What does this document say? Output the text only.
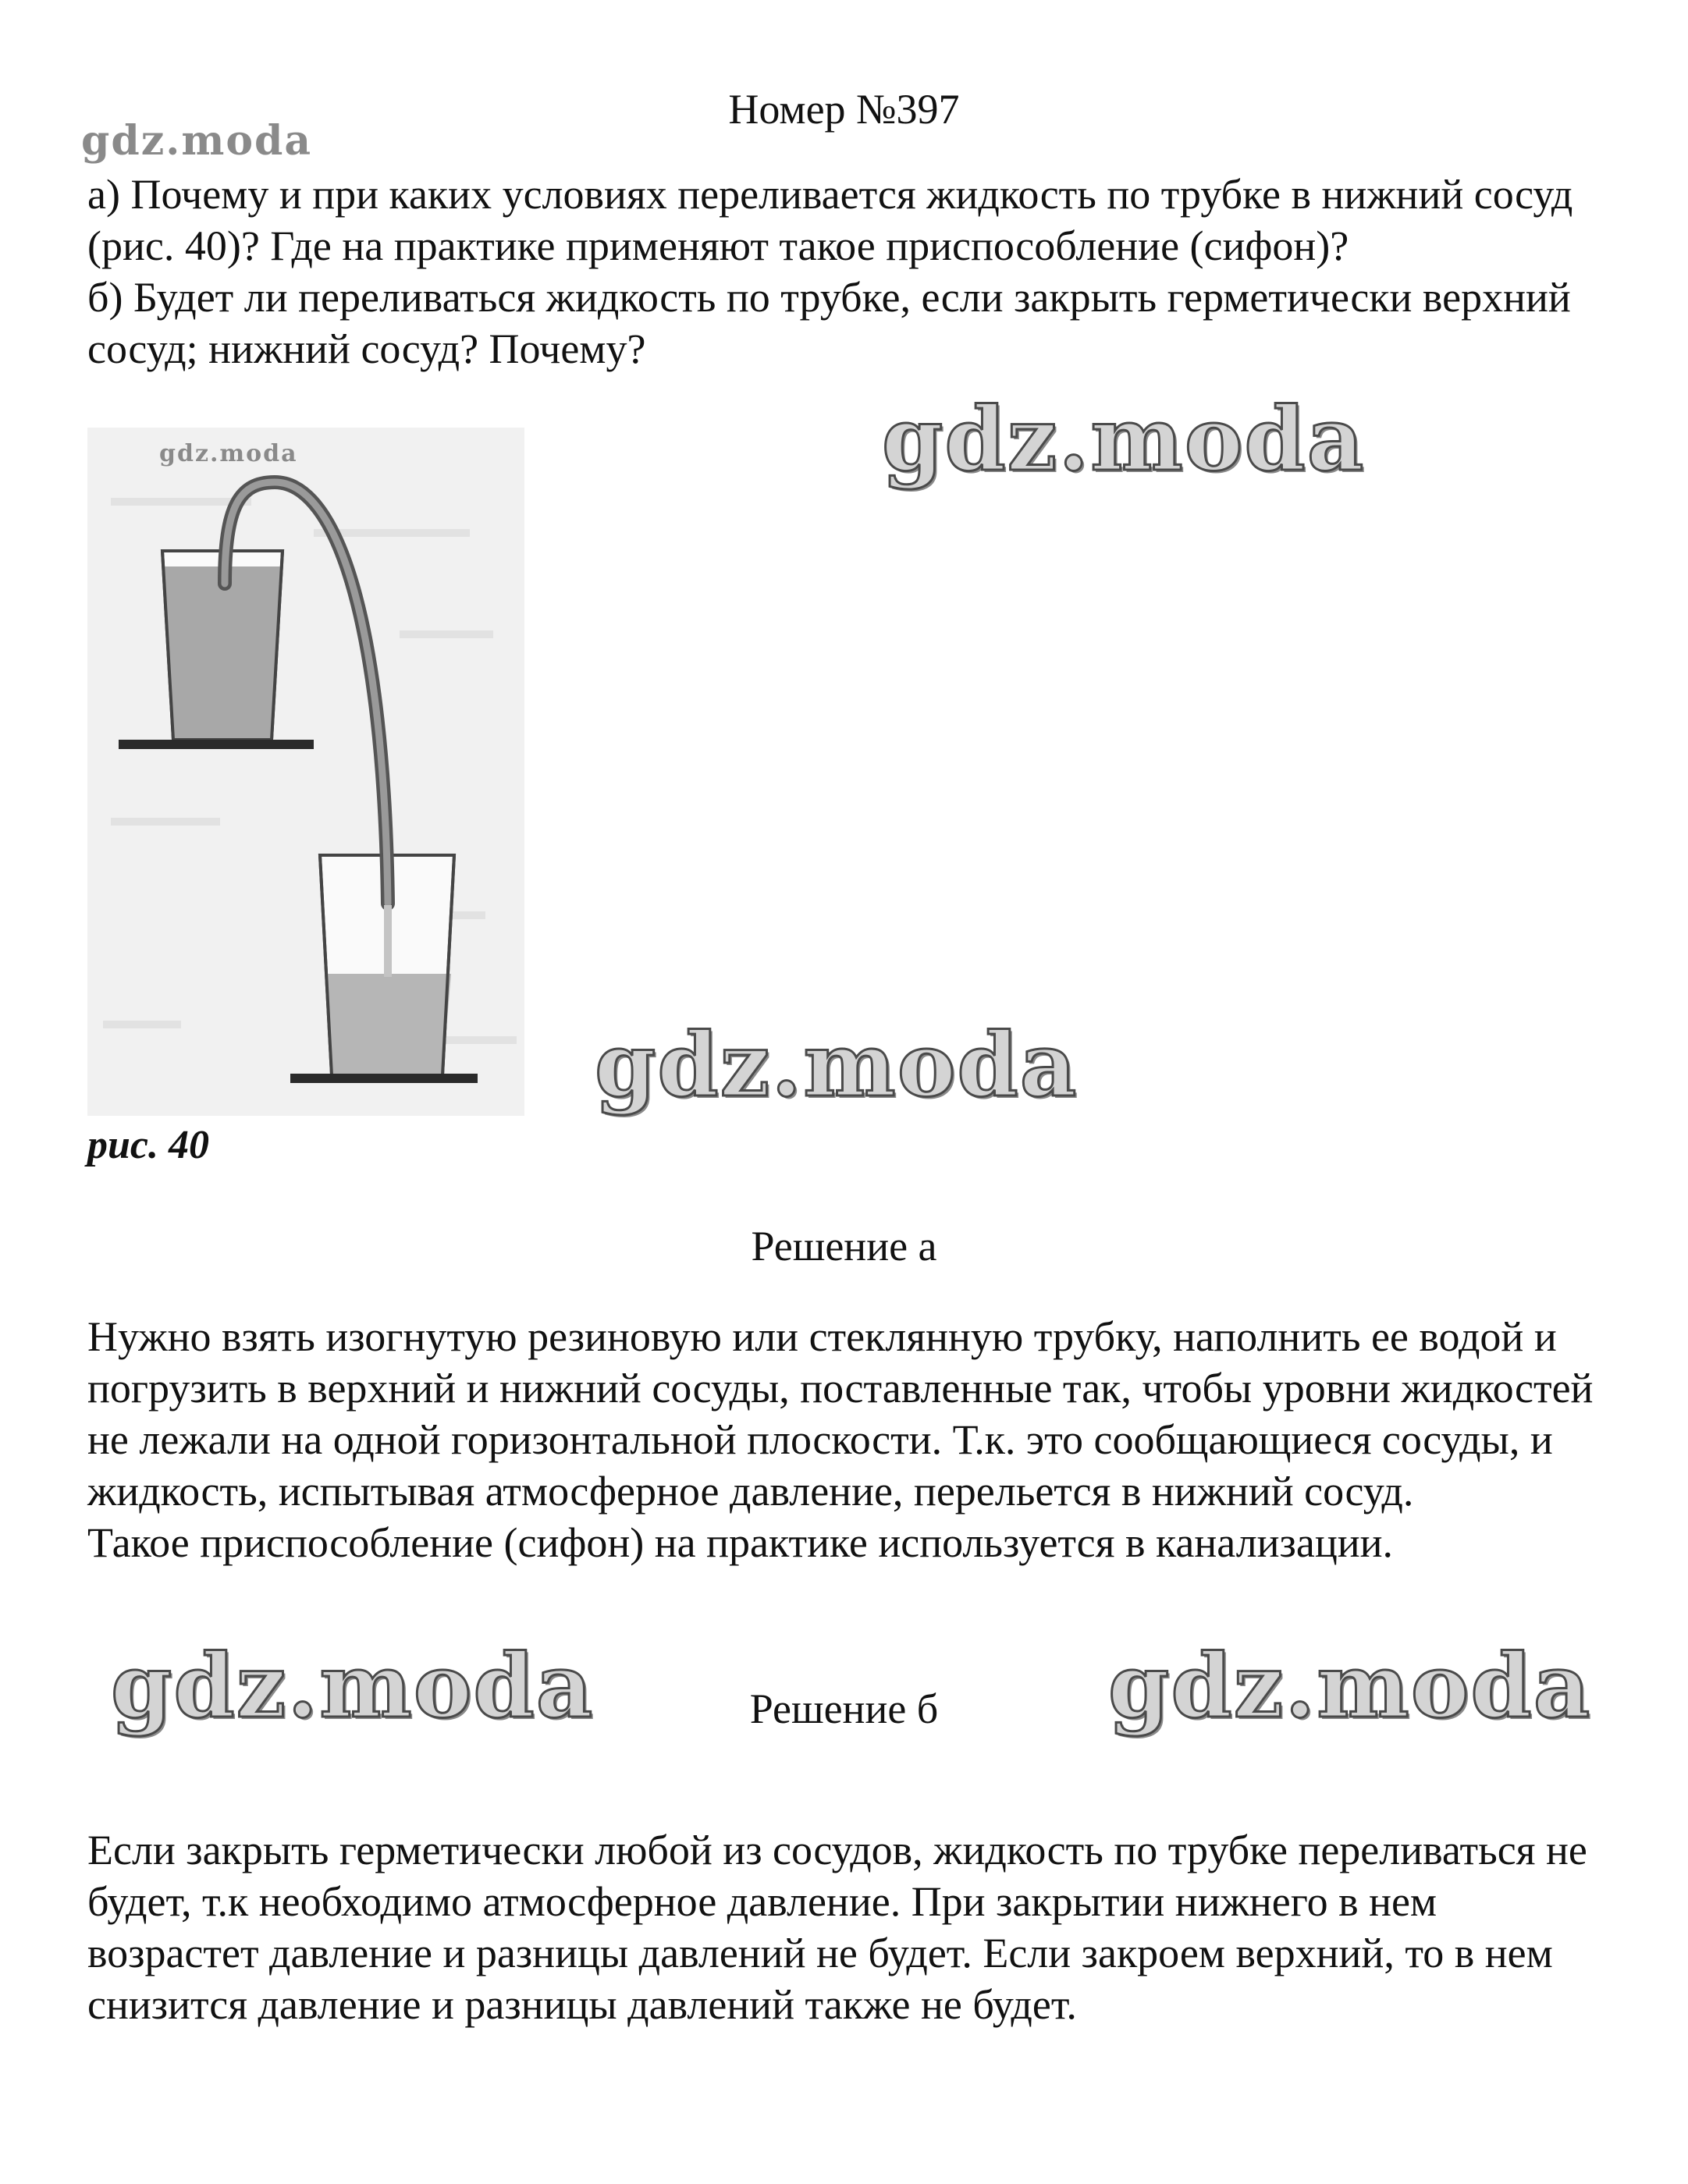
Номер №397
gdz.moda

а) Почему и при каких условиях переливается жидкость по трубке в нижний сосуд (рис. 40)? Где на практике применяют такое приспособление (сифон)?

б) Будет ли переливаться жидкость по трубке, если закрыть герметически верхний сосуд; нижний сосуд? Почему?

gdz.moda
gdz.moda
gdz.moda
рис. 40
Решение а

Нужно взять изогнутую резиновую или стеклянную трубку, наполнить ее водой и погрузить в верхний и нижний сосуды, поставленные так, чтобы уровни жидкостей не лежали на одной горизонтальной плоскости. Т.к. это сообщающиеся сосуды, и жидкость, испытывая атмосферное давление, перельется в нижний сосуд.

Такое приспособление (сифон) на практике используется в канализации.

gdz.moda	gdz.moda
Решение б

Если закрыть герметически любой из сосудов, жидкость по трубке переливаться не будет, т.к необходимо атмосферное давление. При закрытии нижнего в нем возрастет давление и разницы давлений не будет. Если закроем верхний, то в нем снизится давление и разницы давлений также не будет.
